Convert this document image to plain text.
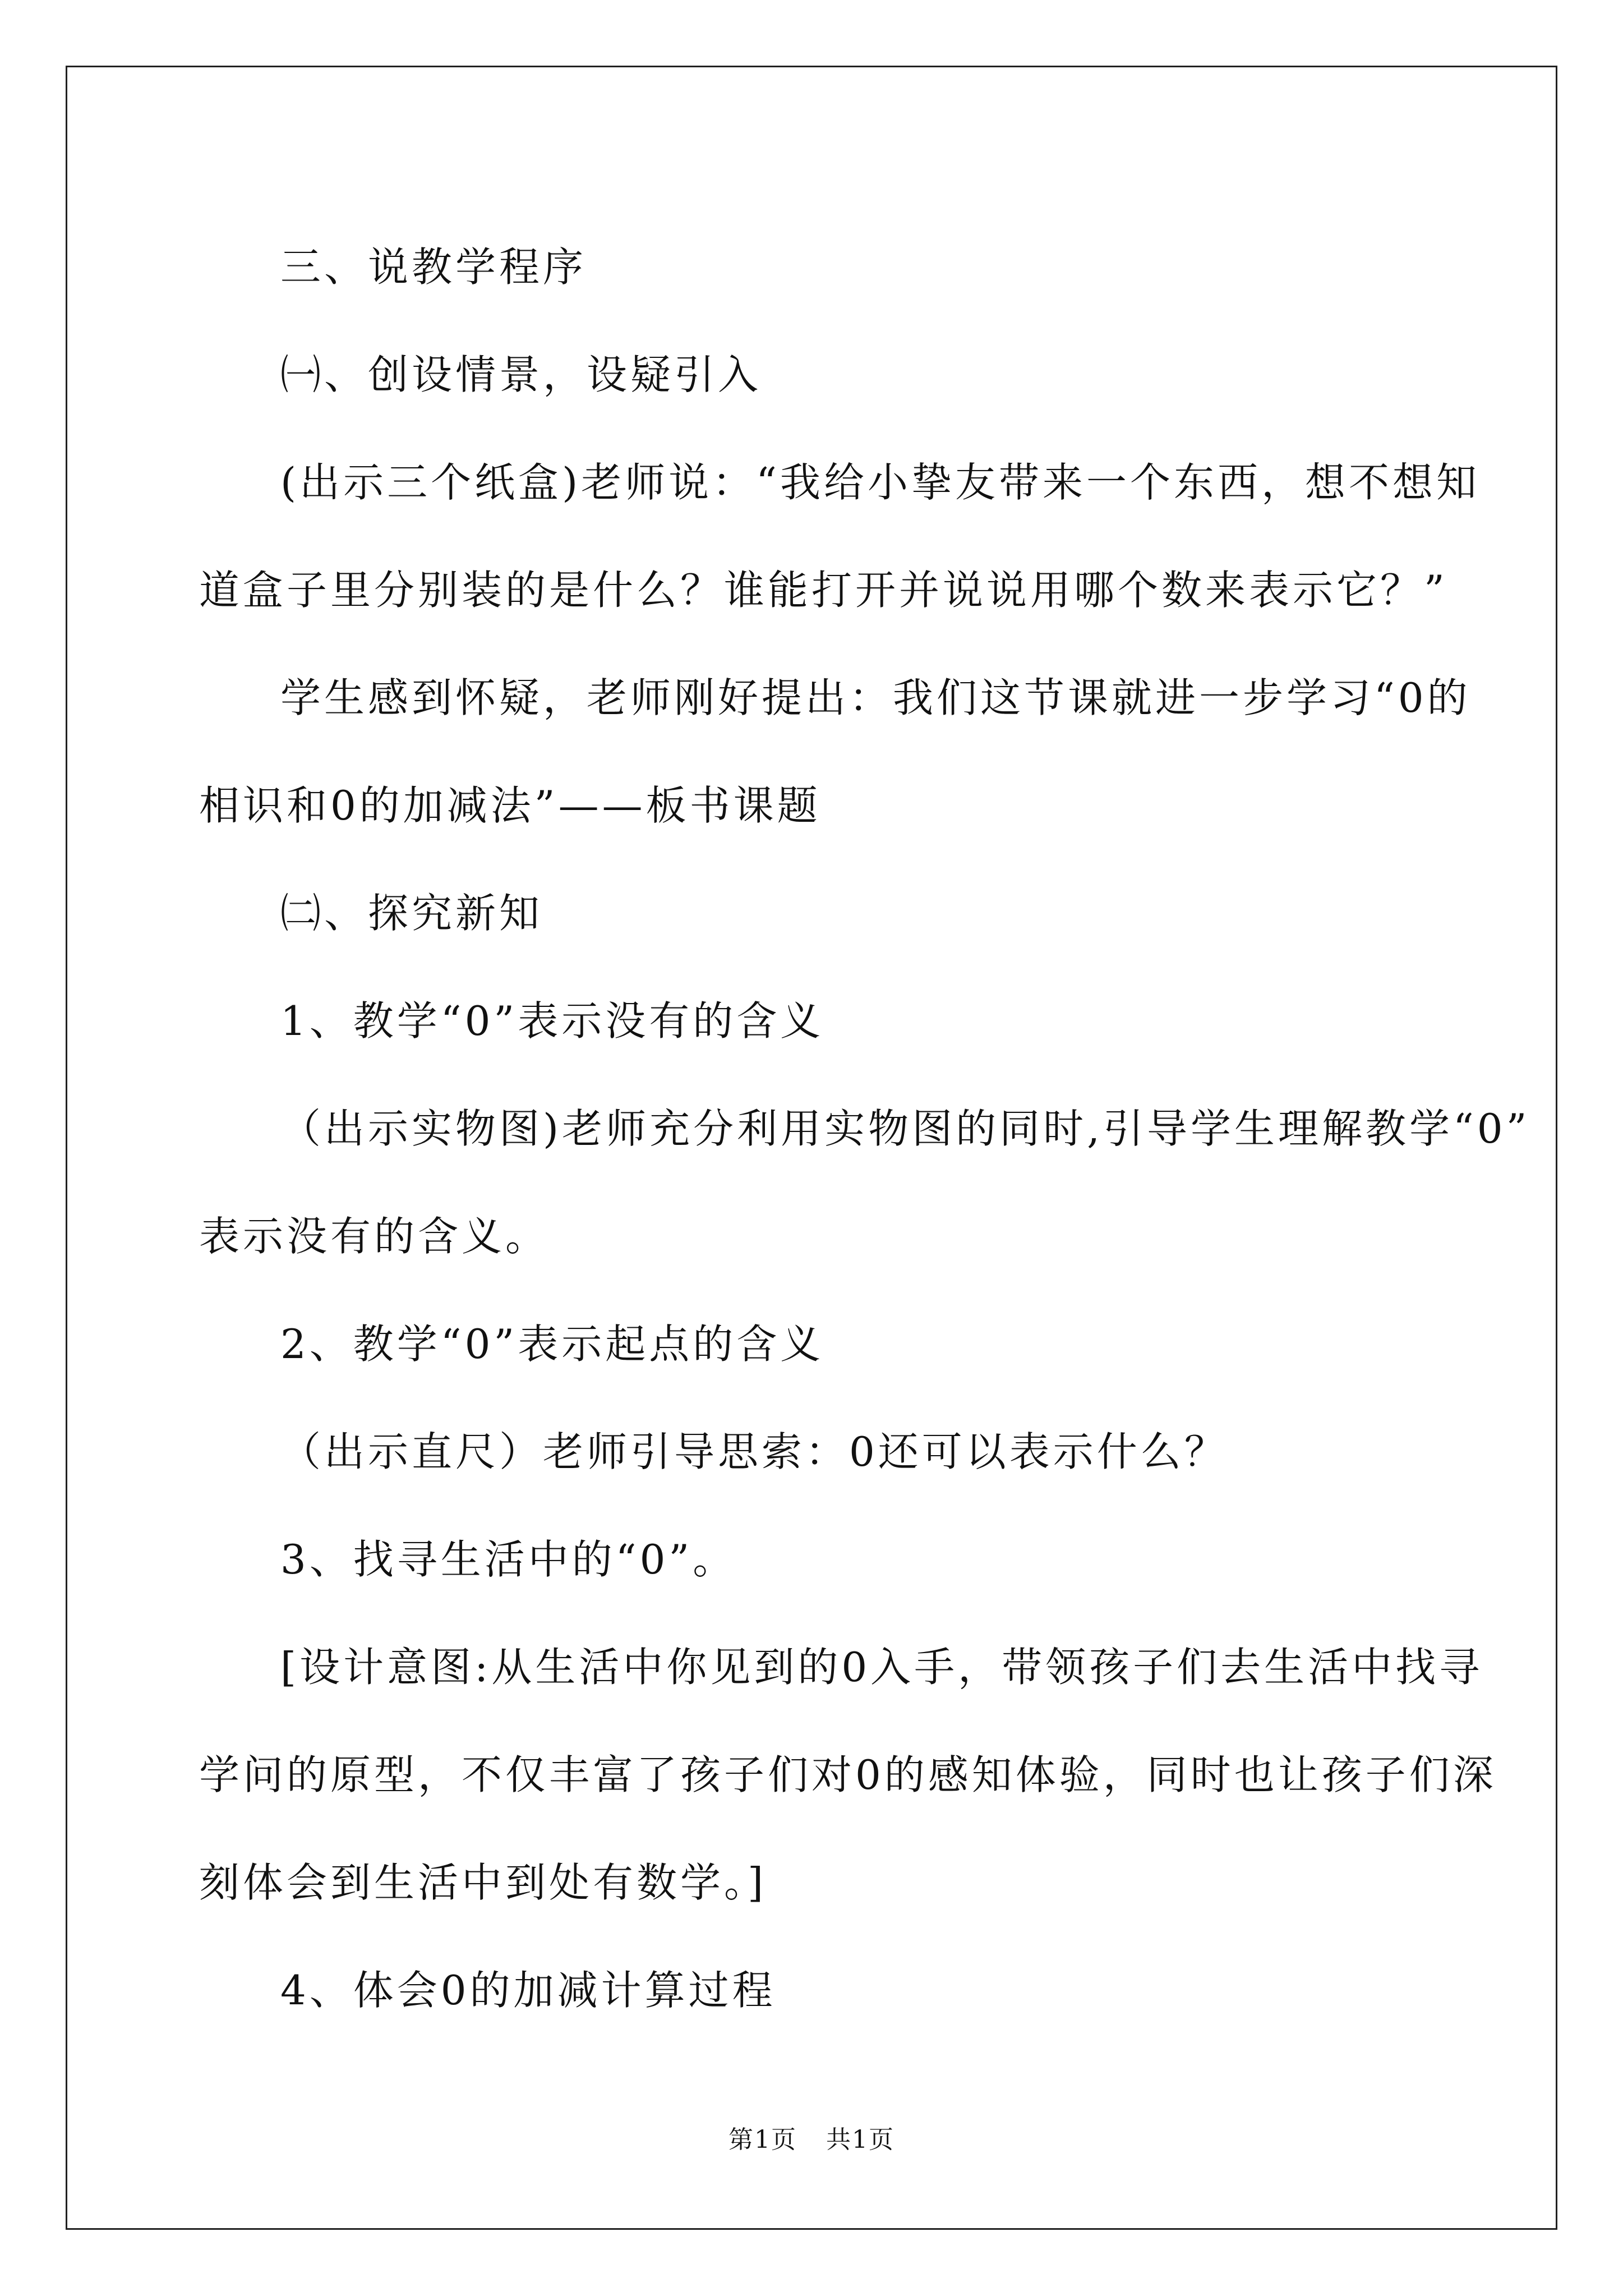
三、说教学程序

㈠、创设情景，设疑引入

(出示三个纸盒)老师说：“我给小挚友带来一个东西，想不想知
道盒子里分别装的是什么？谁能打开并说说用哪个数来表示它？”

学生感到怀疑，老师刚好提出：我们这节课就进一步学习“0的
相识和0的加减法”——板书课题

㈡、探究新知

1、教学“0”表示没有的含义

（出示实物图)老师充分利用实物图的同时,引导学生理解教学“0”
表示没有的含义。

2、教学“0”表示起点的含义

（出示直尺）老师引导思索：0还可以表示什么？

3、找寻生活中的“0”。

[设计意图:从生活中你见到的0入手，带领孩子们去生活中找寻
学问的原型，不仅丰富了孩子们对0的感知体验，同时也让孩子们深
刻体会到生活中到处有数学。]

4、体会0的加减计算过程

第1页 共1页
